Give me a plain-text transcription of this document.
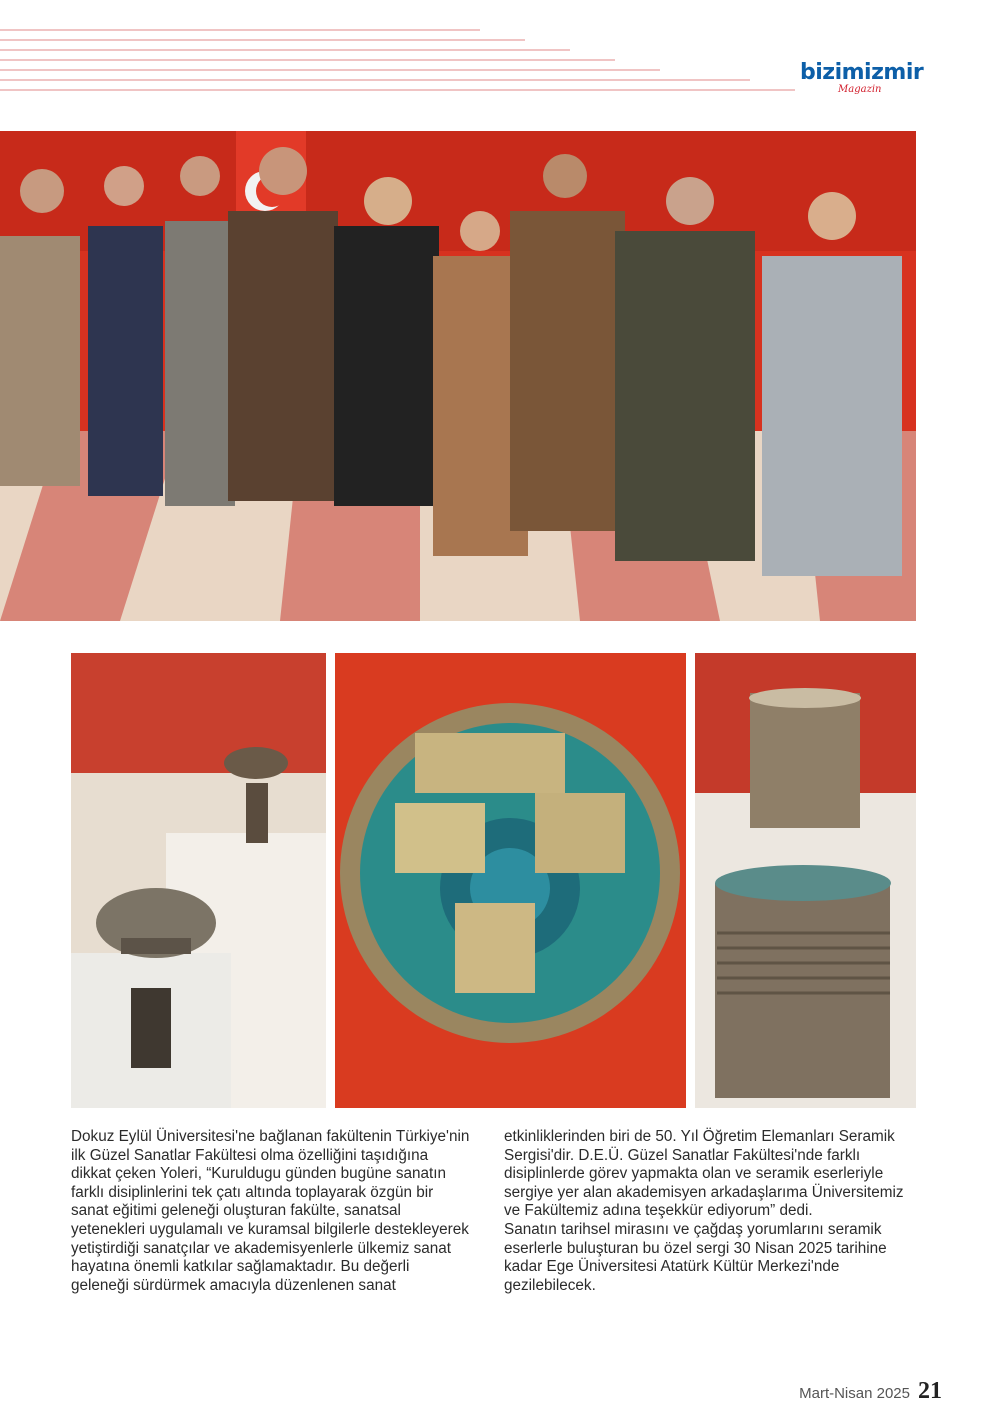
bizimizmir
Magazin

Dokuz Eylül Üniversitesi'ne bağlanan fakültenin Türkiye'nin ilk Güzel Sanatlar Fakültesi olma özelliğini taşıdığına dikkat çeken Yoleri, “Kuruldugu günden bugüne sanatın farklı disiplinlerini tek çatı altında toplayarak özgün bir sanat eğitimi geleneği oluşturan fakülte, sanatsal yetenekleri uygulamalı ve kuramsal bilgilerle destekleyerek yetiştirdiği sanatçılar ve akademisyenlerle ülkemiz sanat hayatına önemli katkılar sağlamaktadır. Bu değerli geleneği sürdürmek amacıyla düzenlenen sanat

etkinliklerinden biri de 50. Yıl Öğretim Elemanları Seramik Sergisi'dir. D.E.Ü. Güzel Sanatlar Fakültesi'nde farklı disiplinlerde görev yapmakta olan ve seramik eserleriyle sergiye yer alan akademisyen arkadaşlarıma Üniversitemiz ve Fakültemiz adına teşekkür ediyorum” dedi.

Sanatın tarihsel mirasını ve çağdaş yorumlarını seramik eserlerle buluşturan bu özel sergi 30 Nisan 2025 tarihine kadar Ege Üniversitesi Atatürk Kültür Merkezi'nde gezilebilecek.

Mart-Nisan 2025 21
